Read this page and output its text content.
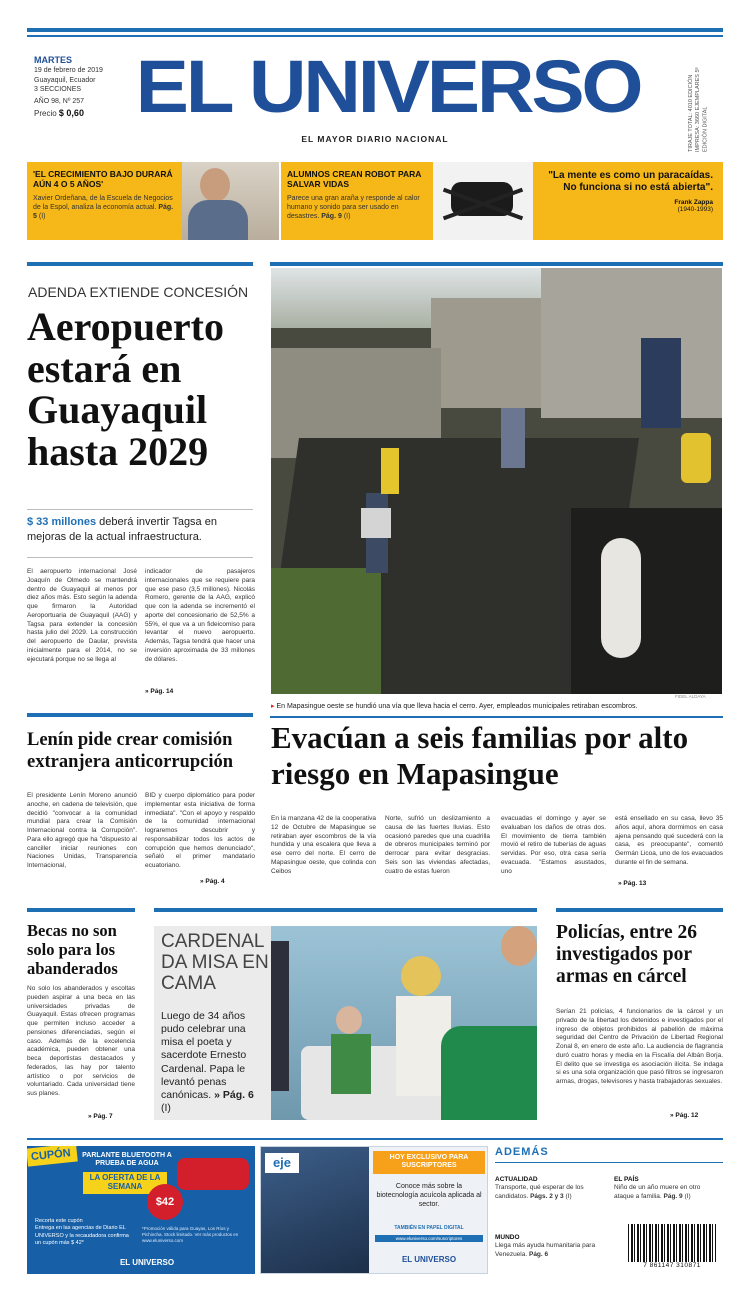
MARTES
19 de febrero de 2019
Guayaquil, Ecuador
3 SECCIONES
AÑO 98, Nº 257
Precio $ 0,60 EL UNIVERSO
EL MAYOR DIARIO NACIONAL	TIRAJE TOTAL: 4010 EDICIÓN IMPRESA: 3660 EJEMPLARES 5ª EDICIÓN DIGITAL
'EL CRECIMIENTO BAJO DURARÁ AÚN 4 O 5 AÑOS'
Xavier Ordeñana, de la Escuela de Negocios de la Espol, analiza la economía actual. Pág. 5 (I)
ALUMNOS CREAN ROBOT PARA SALVAR VIDAS
Parece una gran araña y responde al calor humano y sonido para ser usado en desastres. Pág. 9 (I)
"La mente es como un paracaídas. No funciona si no está abierta".
Frank Zappa
(1940-1993)
ADENDA EXTIENDE CONCESIÓN
Aeropuerto estará en Guayaquil hasta 2029
$ 33 millones deberá invertir Tagsa en mejoras de la actual infraestructura.
El aeropuerto internacional José Joaquín de Olmedo se mantendrá dentro de Guayaquil al menos por diez años más. Esto según la adenda que firmaron la Autoridad Aeroportuaria de Guayaquil (AAG) y Tagsa para extender la concesión hasta julio del 2029. La construcción del aeropuerto de Daular, prevista inicialmente para el 2014, no se ejecutará porque no se llega al
indicador de pasajeros internacionales que se requiere para que ese paso (3,5 millones). Nicolás Romero, gerente de la AAG, explicó que con la adenda se incrementó el aporte del concesionario de 52,5% a 55%, el que va a un fideicomiso para levantar el nuevo aeropuerto. Además, Tagsa tendrá que hacer una inversión aproximada de 33 millones de dólares.
» Pág. 14
FIDEL ALDAYA
▸ En Mapasingue oeste se hundió una vía que lleva hacia el cerro. Ayer, empleados municipales retiraban escombros.
Lenín pide crear comisión extranjera anticorrupción
El presidente Lenín Moreno anunció anoche, en cadena de televisión, que decidió "convocar a la comunidad mundial para crear la Comisión Internacional contra la Corrupción". Para ello agregó que ha "dispuesto al canciller iniciar reuniones con Naciones Unidas, Transparencia Internacional,
BID y cuerpo diplomático para poder implementar esta iniciativa de forma inmediata". "Con el apoyo y respaldo de la comunidad internacional lograremos descubrir y responsabilizar todos los actos de corrupción que hemos denunciado", señaló el primer mandatario ecuatoriano.
» Pág. 4
Evacúan a seis familias por alto riesgo en Mapasingue
En la manzana 42 de la cooperativa 12 de Octubre de Mapasingue se retiraban ayer escombros de la vía hundida y una escalera que lleva a ese cerro del norte. El cerro de Mapasingue oeste, que colinda con Ceibos
Norte, sufrió un deslizamiento a causa de las fuertes lluvias. Esto ocasionó paredes que una cuadrilla de obreros municipales terminó por derrocar para evitar desgracias. Seis son las viviendas afectadas, cuatro de estas fueron
evacuadas el domingo y ayer se evaluaban los daños de otras dos. El movimiento de tierra también movió el retiro de tuberías de aguas servidas. Por eso, otra casa sería evacuada. "Estamos asustados, uno
está ensellado en su casa, llevo 35 años aquí, ahora dormimos en casa ajena pensando qué sucederá con la casa, es preocupante", comentó Germán Licoa, uno de los evacuados durante el fin de semana.
» Pág. 13
Becas no son solo para los abanderados
No solo los abanderados y escoltas pueden aspirar a una beca en las universidades privadas de Guayaquil. Estas ofrecen programas que permiten incluso acceder a pensiones diferenciadas, según el caso. Además de la excelencia académica, pueden obtener una beca deportistas destacados y federados, las hay por talento artístico o por servicios de voluntariado. Cada universidad tiene sus planes.
» Pág. 7
CARDENAL DA MISA EN CAMA
Luego de 34 años pudo celebrar una misa el poeta y sacerdote Ernesto Cardenal. Papa le levantó penas canónicas. » Pág. 6 (I)
Policías, entre 26 investigados por armas en cárcel
Serían 21 policías, 4 funcionarios de la cárcel y un privado de la libertad los detenidos e investigados por el ingreso de objetos prohibidos al pabellón de máxima seguridad del Centro de Privación de Libertad Regional Zonal 8, en enero de este año. La audiencia de flagrancia duró cuatro horas y media en la Fiscalía del Albán Borja. El delito que se investiga es asociación ilícita. Se indaga si es una sola organización que pasó filtros se ingresaron armas, drogas, televisores y hasta trabajadoras sexuales.
» Pág. 12
CUPÓN	PARLANTE BLUETOOTH A PRUEBA DE AGUA
LA OFERTA DE LA SEMANA
$42
Recorta este cupón
Entrega en las agencias de Diario EL UNIVERSO y la recaudadora confirma un cupón más $ 42*
*Promoción válida para Guayas, Los Ríos y Pichincha. Stock limitado. Ver más productos en www.eluniverso.com
EL UNIVERSO
eje	HOY EXCLUSIVO PARA SUSCRIPTORES
Conoce más sobre la biotecnología acuícola aplicada al sector.
TAMBIÉN EN PAPEL DIGITAL
www.eluniverso.com/suscriptores
EL UNIVERSO
ADEMÁS
ACTUALIDAD
Transporte, qué esperar de los candidatos. Págs. 2 y 3 (I)
EL PAÍS
Niño de un año muere en otro ataque a familia. Pág. 9 (I)
MUNDO
Llega más ayuda humanitaria para Venezuela. Pág. 6
7 861147 310871
